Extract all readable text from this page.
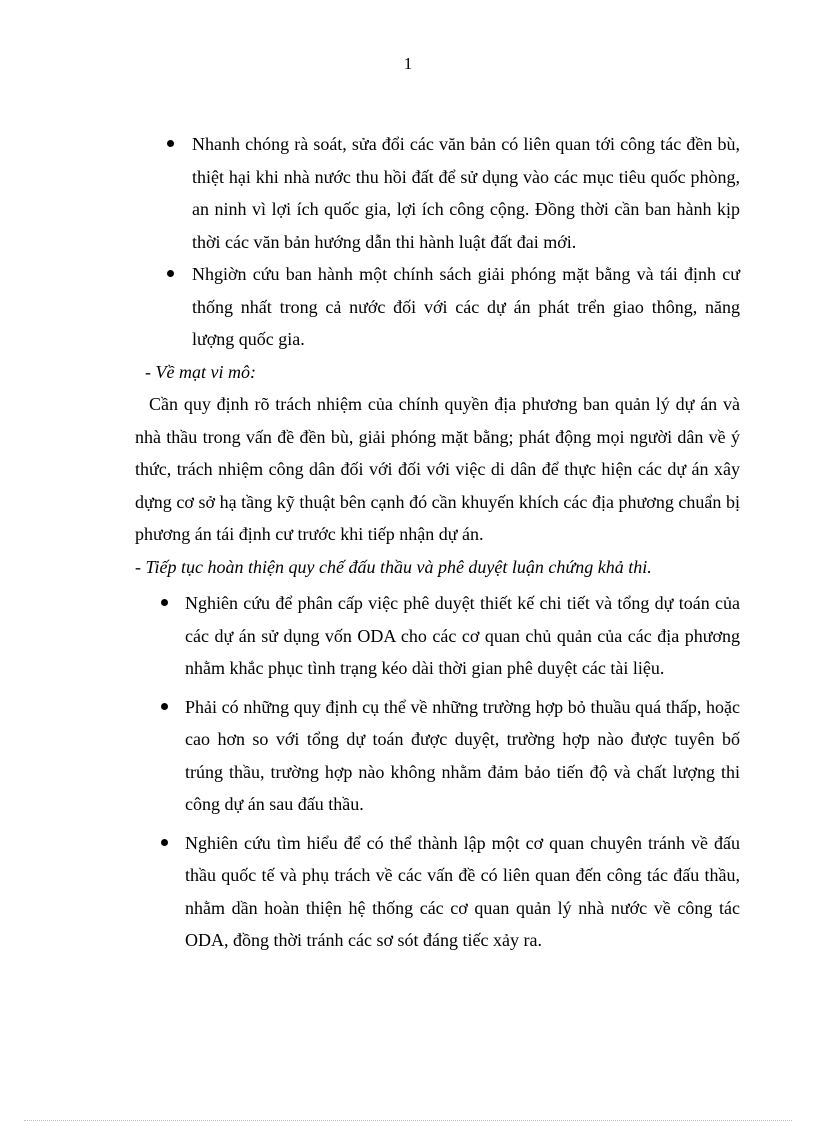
1
Nhanh chóng rà soát, sửa đổi các văn bản có liên quan tới công tác đền bù, thiệt hại khi nhà nước thu hồi đất để sử dụng vào các mục tiêu quốc phòng, an ninh vì lợi ích quốc gia, lợi ích công cộng. Đồng thời cần ban hành kịp thời các văn bản hướng dẫn thi hành luật đất đai mới.
Nhgiờn cứu ban hành một chính sách giải phóng mặt bằng và tái định cư thống nhất trong cả nước đối với các dự án phát trển giao thông, năng lượng quốc gia.
- Về mạt vi mô:

Cần quy định rõ trách nhiệm của chính quyền địa phương ban quản lý dự án và nhà thầu trong vấn đề đền bù, giải phóng mặt bằng; phát động mọi người dân về ý thức, trách nhiệm công dân đối với đối với việc di dân để thực hiện các dự án xây dựng cơ sở hạ tầng kỹ thuật bên cạnh đó cần khuyến khích các địa phương chuẩn bị phương án tái định cư trước khi tiếp nhận dự án.

- Tiếp tục hoàn thiện quy chế đấu thầu và phê duyệt luận chứng khả thi.
Nghiên cứu để phân cấp việc phê duyệt thiết kế chi tiết và tổng dự toán của các dự án sử dụng vốn ODA cho các cơ quan chủ quản của các địa phương nhằm khắc phục tình trạng kéo dài thời gian phê duyệt các tài liệu.
Phải có những quy định cụ thể về những trường hợp bỏ thuầu quá thấp, hoặc cao hơn so với tổng dự toán được duyệt, trường hợp nào được tuyên bố trúng thầu, trường hợp nào không nhằm đảm bảo tiến độ và chất lượng thi công dự án sau đấu thầu.
Nghiên cứu tìm hiểu để có thể thành lập một cơ quan chuyên tránh về đấu thầu quốc tế và phụ trách về các vấn đề có liên quan đến công tác đấu thầu, nhằm dần hoàn thiện hệ thống các cơ quan quản lý nhà nước về công tác ODA, đồng thời tránh các sơ sót đáng tiếc xảy ra.
